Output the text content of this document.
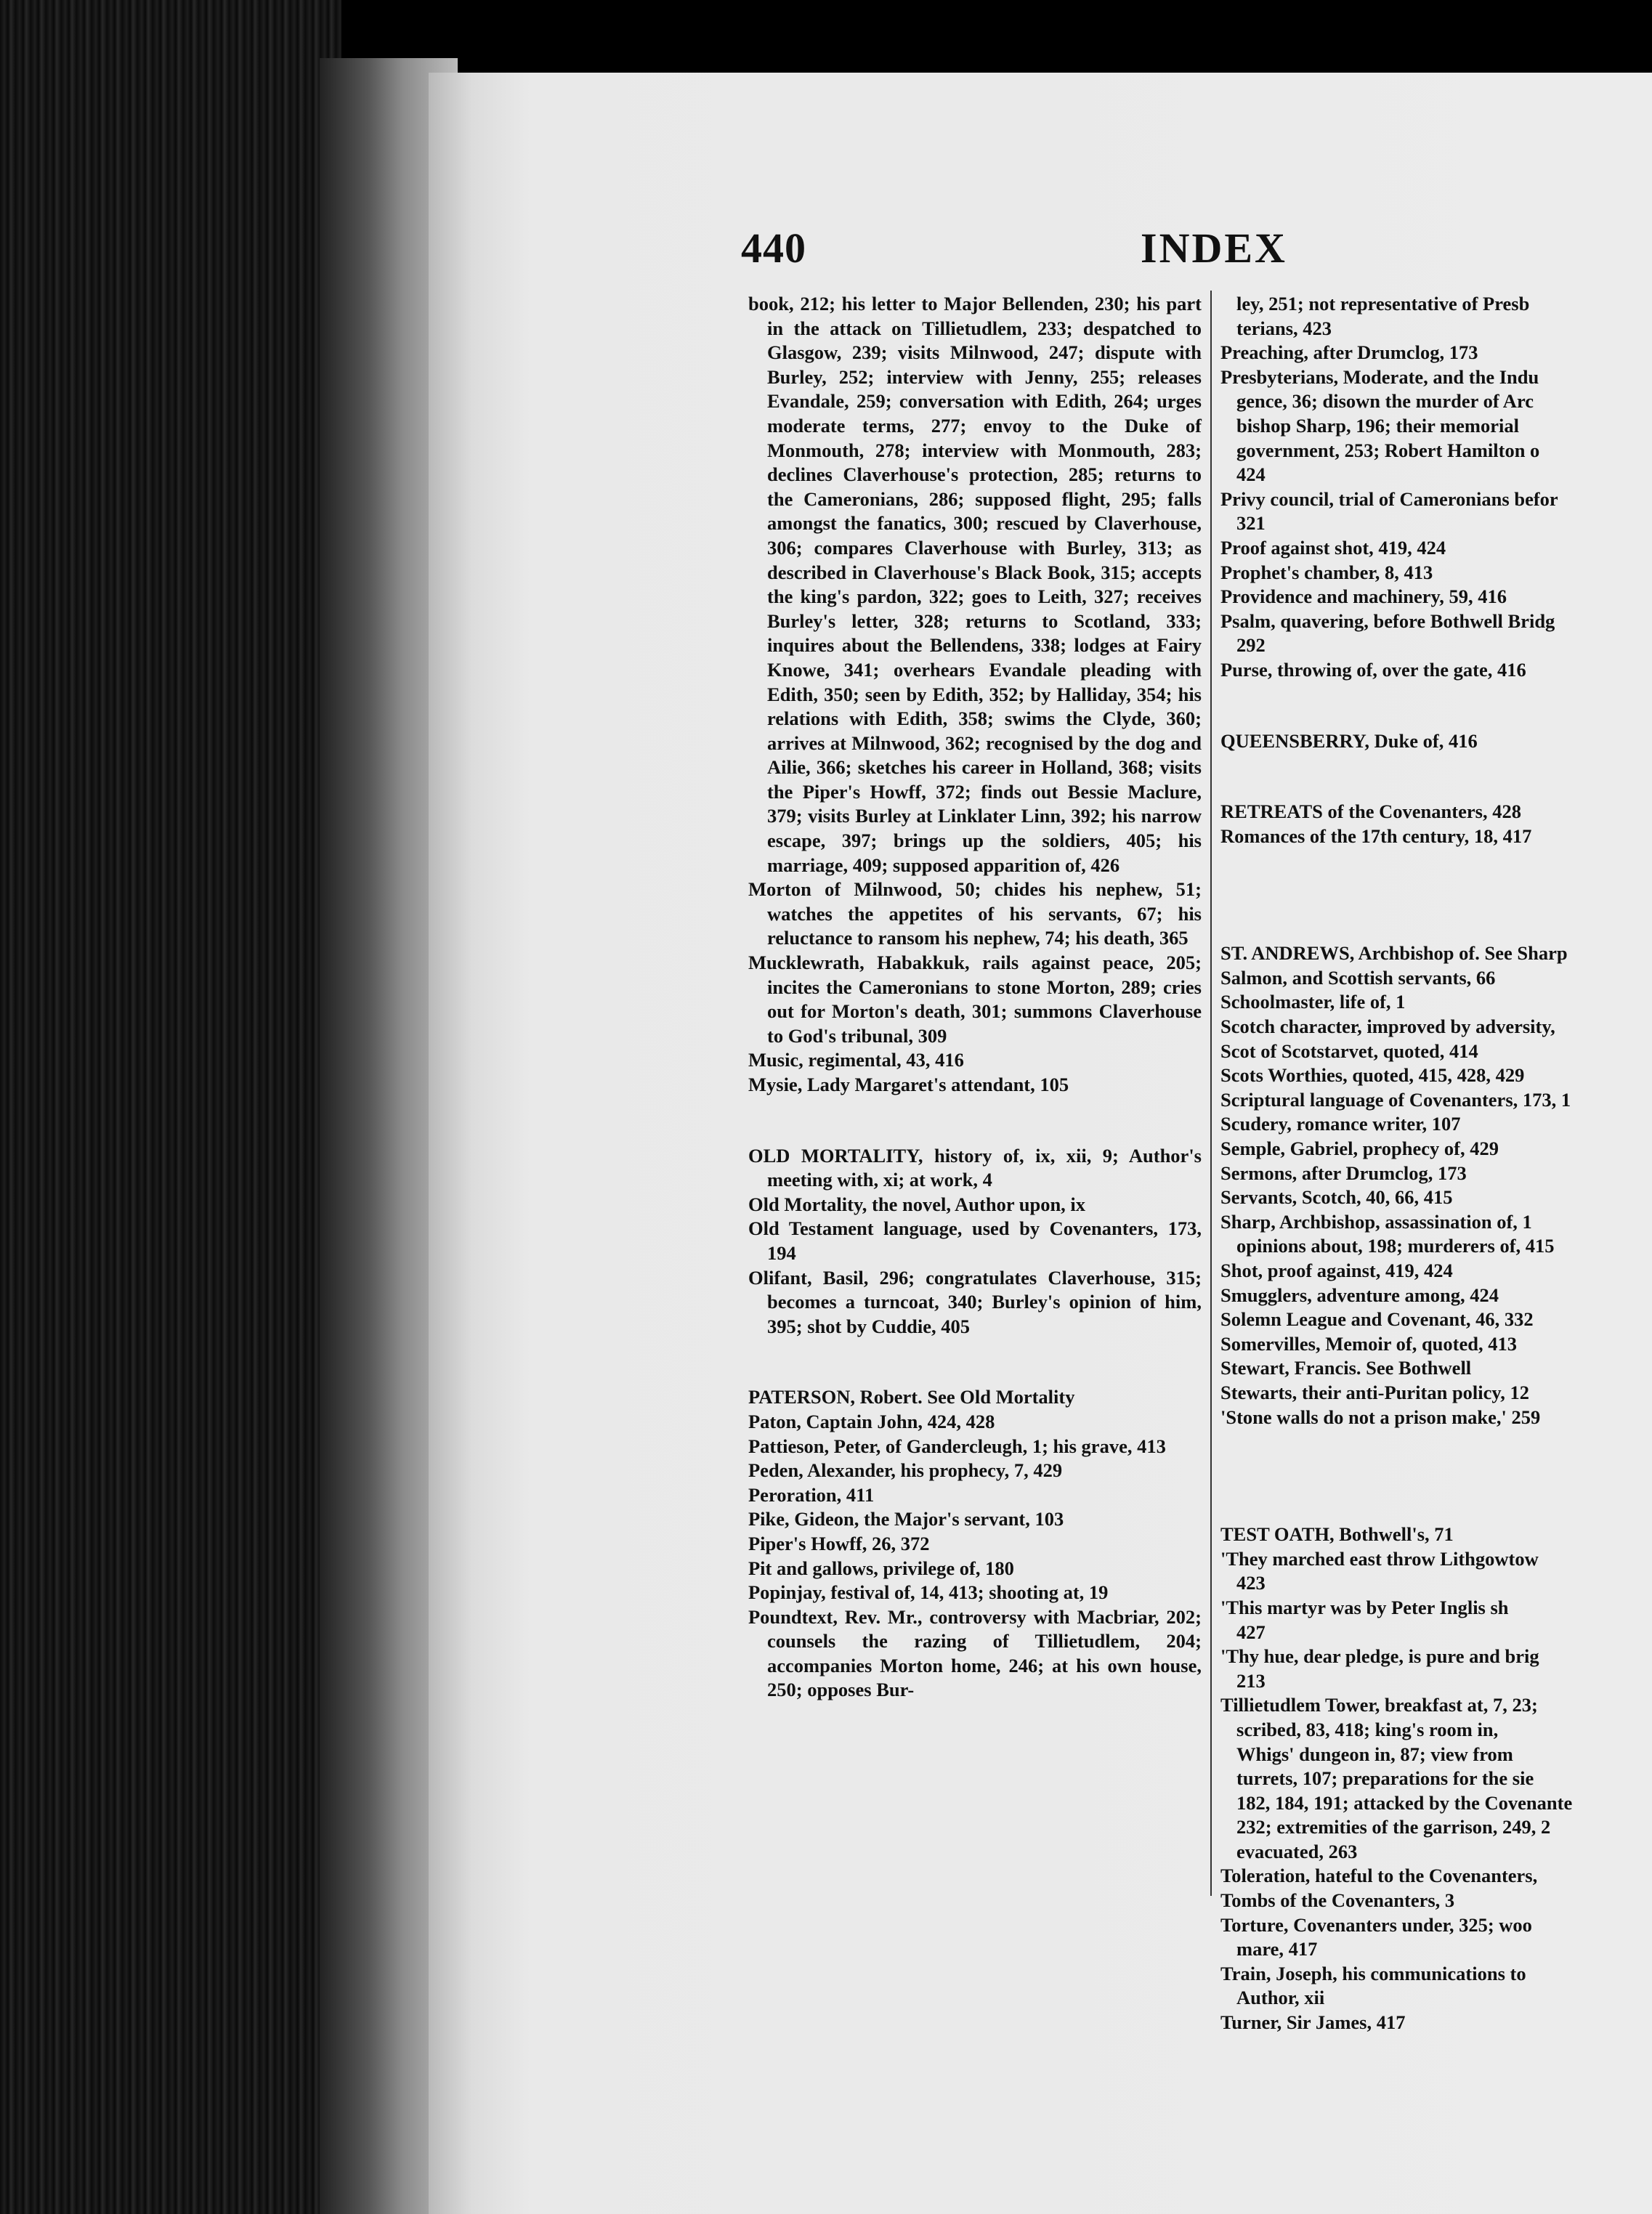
440	INDEX

book, 212; his letter to Major Bellenden, 230; his part in the attack on Tillietudlem, 233; despatched to Glasgow, 239; visits Milnwood, 247; dispute with Burley, 252; interview with Jenny, 255; releases Evandale, 259; conversation with Edith, 264; urges moderate terms, 277; envoy to the Duke of Monmouth, 278; interview with Monmouth, 283; declines Claverhouse's protection, 285; returns to the Cameronians, 286; supposed flight, 295; falls amongst the fanatics, 300; rescued by Claverhouse, 306; compares Claverhouse with Burley, 313; as described in Claverhouse's Black Book, 315; accepts the king's pardon, 322; goes to Leith, 327; receives Burley's letter, 328; returns to Scotland, 333; inquires about the Bellendens, 338; lodges at Fairy Knowe, 341; overhears Evandale pleading with Edith, 350; seen by Edith, 352; by Halliday, 354; his relations with Edith, 358; swims the Clyde, 360; arrives at Milnwood, 362; recognised by the dog and Ailie, 366; sketches his career in Holland, 368; visits the Piper's Howff, 372; finds out Bessie Maclure, 379; visits Burley at Linklater Linn, 392; his narrow escape, 397; brings up the soldiers, 405; his marriage, 409; supposed apparition of, 426

Morton of Milnwood, 50; chides his nephew, 51; watches the appetites of his servants, 67; his reluctance to ransom his nephew, 74; his death, 365

Mucklewrath, Habakkuk, rails against peace, 205; incites the Cameronians to stone Morton, 289; cries out for Morton's death, 301; summons Claverhouse to God's tribunal, 309

Music, regimental, 43, 416

Mysie, Lady Margaret's attendant, 105

OLD MORTALITY, history of, ix, xii, 9; Author's meeting with, xi; at work, 4

Old Mortality, the novel, Author upon, ix

Old Testament language, used by Covenanters, 173, 194

Olifant, Basil, 296; congratulates Claverhouse, 315; becomes a turncoat, 340; Burley's opinion of him, 395; shot by Cuddie, 405

PATERSON, Robert. See Old Mortality

Paton, Captain John, 424, 428

Pattieson, Peter, of Gandercleugh, 1; his grave, 413

Peden, Alexander, his prophecy, 7, 429

Peroration, 411

Pike, Gideon, the Major's servant, 103

Piper's Howff, 26, 372

Pit and gallows, privilege of, 180

Popinjay, festival of, 14, 413; shooting at, 19

Poundtext, Rev. Mr., controversy with Macbriar, 202; counsels the razing of Tillietudlem, 204; accompanies Morton home, 246; at his own house, 250; opposes Bur-

ley, 251; not representative of Presb

terians, 423

Preaching, after Drumclog, 173

Presbyterians, Moderate, and the Indu

gence, 36; disown the murder of Arc

bishop Sharp, 196; their memorial

government, 253; Robert Hamilton o

424

Privy council, trial of Cameronians befor

321

Proof against shot, 419, 424

Prophet's chamber, 8, 413

Providence and machinery, 59, 416

Psalm, quavering, before Bothwell Bridg

292

Purse, throwing of, over the gate, 416

QUEENSBERRY, Duke of, 416

RETREATS of the Covenanters, 428

Romances of the 17th century, 18, 417

ST. ANDREWS, Archbishop of. See Sharp

Salmon, and Scottish servants, 66

Schoolmaster, life of, 1

Scotch character, improved by adversity,

Scot of Scotstarvet, quoted, 414

Scots Worthies, quoted, 415, 428, 429

Scriptural language of Covenanters, 173, 1

Scudery, romance writer, 107

Semple, Gabriel, prophecy of, 429

Sermons, after Drumclog, 173

Servants, Scotch, 40, 66, 415

Sharp, Archbishop, assassination of, 1

opinions about, 198; murderers of, 415

Shot, proof against, 419, 424

Smugglers, adventure among, 424

Solemn League and Covenant, 46, 332

Somervilles, Memoir of, quoted, 413

Stewart, Francis. See Bothwell

Stewarts, their anti-Puritan policy, 12

'Stone walls do not a prison make,' 259

TEST OATH, Bothwell's, 71

'They marched east throw Lithgowtow

423

'This martyr was by Peter Inglis sh

427

'Thy hue, dear pledge, is pure and brig

213

Tillietudlem Tower, breakfast at, 7, 23;

scribed, 83, 418; king's room in,

Whigs' dungeon in, 87; view from

turrets, 107; preparations for the sie

182, 184, 191; attacked by the Covenante

232; extremities of the garrison, 249, 2

evacuated, 263

Toleration, hateful to the Covenanters,

Tombs of the Covenanters, 3

Torture, Covenanters under, 325; woo

mare, 417

Train, Joseph, his communications to

Author, xii

Turner, Sir James, 417
